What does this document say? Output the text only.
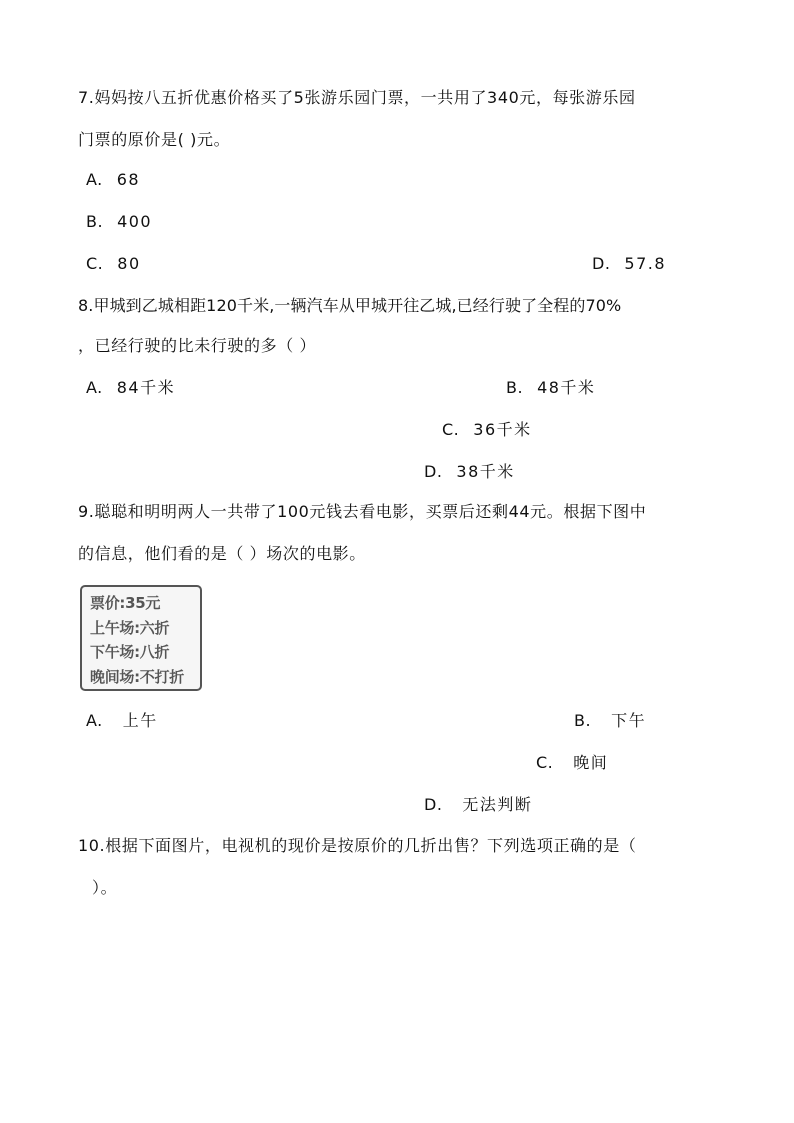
7.妈妈按八五折优惠价格买了5张游乐园门票，一共用了340元，每张游乐园
门票的原价是( )元。
A. 68
B. 400
C. 80	D. 57.8
8.甲城到乙城相距120千米,一辆汽车从甲城开往乙城,已经行驶了全程的70%
，已经行驶的比未行驶的多（ ）
A. 84千米	B. 48千米
C. 36千米
D. 38千米
9.聪聪和明明两人一共带了100元钱去看电影，买票后还剩44元。根据下图中
的信息，他们看的是（ ）场次的电影。
票价:35元
上午场:六折
下午场:八折
晚间场:不打折
A. 上午	B. 下午
C. 晚间
D. 无法判断
10.根据下面图片，电视机的现价是按原价的几折出售？下列选项正确的是（
）。
